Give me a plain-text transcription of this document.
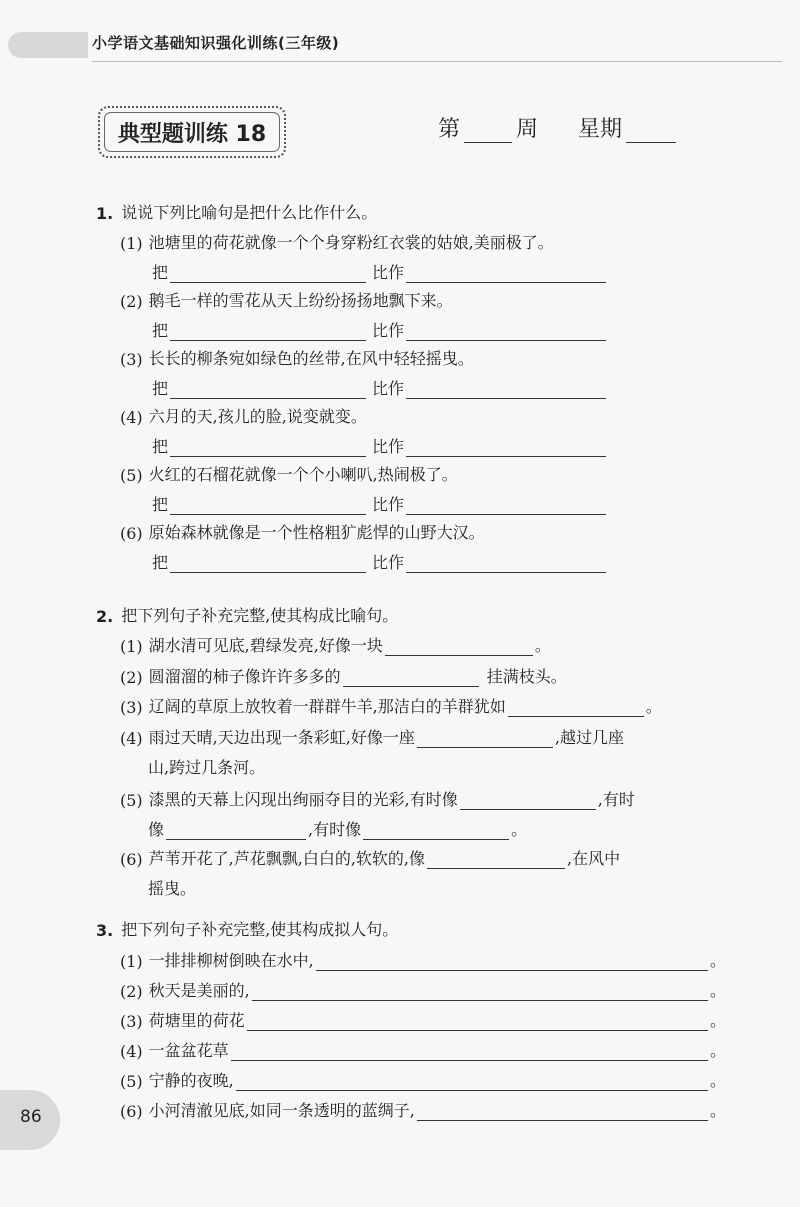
小学语文基础知识强化训练(三年级)
典型题训练 18	第	周 星期
1. 说说下列比喻句是把什么比作什么。
(1) 池塘里的荷花就像一个个身穿粉红衣裳的姑娘,美丽极了。
把	比作
(2) 鹅毛一样的雪花从天上纷纷扬扬地飘下来。
把	比作
(3) 长长的柳条宛如绿色的丝带,在风中轻轻摇曳。
把	比作
(4) 六月的天,孩儿的脸,说变就变。
把	比作
(5) 火红的石榴花就像一个个小喇叭,热闹极了。
把	比作
(6) 原始森林就像是一个性格粗犷彪悍的山野大汉。
把	比作
2. 把下列句子补充完整,使其构成比喻句。
(1) 湖水清可见底,碧绿发亮,好像一块	。
(2) 圆溜溜的柿子像许许多多的	挂满枝头。
(3) 辽阔的草原上放牧着一群群牛羊,那洁白的羊群犹如	。
(4) 雨过天晴,天边出现一条彩虹,好像一座	,越过几座
山,跨过几条河。
(5) 漆黑的天幕上闪现出绚丽夺目的光彩,有时像	,有时
像	,有时像	。
(6) 芦苇开花了,芦花飘飘,白白的,软软的,像	,在风中
摇曳。
3. 把下列句子补充完整,使其构成拟人句。
(1) 一排排柳树倒映在水中,	。
(2) 秋天是美丽的,	。
(3) 荷塘里的荷花	。
(4) 一盆盆花草	。
(5) 宁静的夜晚,	。
(6) 小河清澈见底,如同一条透明的蓝绸子,	。
86
